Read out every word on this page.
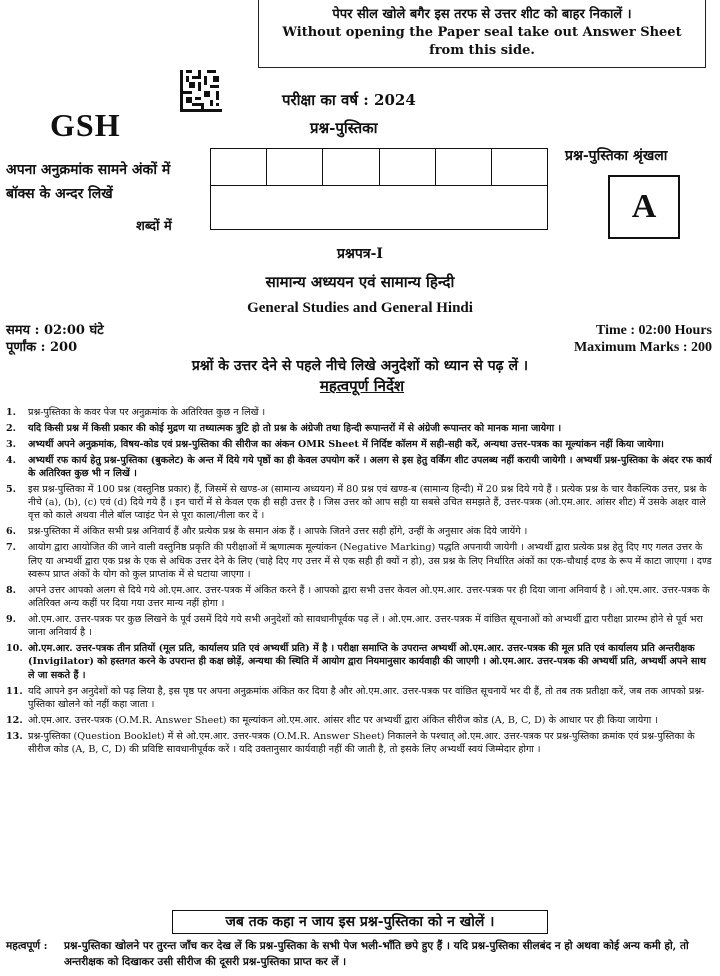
पेपर सील खोले बगैर इस तरफ से उत्तर शीट को बाहर निकालें ।
Without opening the Paper seal take out Answer Sheet
from this side.
GSH
परीक्षा का वर्ष : 2024
प्रश्न-पुस्तिका
प्रश्न-पुस्तिका श्रृंखला
A
अपना अनुक्रमांक सामने अंकों में
बॉक्स के अन्दर लिखें
शब्दों में
प्रश्नपत्र-I
सामान्य अध्ययन एवं सामान्य हिन्दी
General Studies and General Hindi
समय : 02:00 घंटे
पूर्णांक : 200
Time : 02:00 Hours
Maximum Marks : 200
प्रश्नों के उत्तर देने से पहले नीचे लिखे अनुदेशों को ध्यान से पढ़ लें ।
महत्वपूर्ण निर्देश
1.	प्रश्न-पुस्तिका के कवर पेज पर अनुक्रमांक के अतिरिक्त कुछ न लिखें ।
2.	यदि किसी प्रश्न में किसी प्रकार की कोई मुद्रण या तथ्यात्मक त्रुटि हो तो प्रश्न के अंग्रेजी तथा हिन्दी रूपान्तरों में से अंग्रेजी रूपान्तर को मानक माना जायेगा ।
3.	अभ्यर्थी अपने अनुक्रमांक, विषय-कोड एवं प्रश्न-पुस्तिका की सीरीज का अंकन OMR Sheet में निर्दिष्ट कॉलम में सही-सही करें, अन्यथा उत्तर-पत्रक का मूल्यांकन नहीं किया जायेगा।
4.	अभ्यर्थी रफ कार्य हेतु प्रश्न-पुस्तिका (बुकलेट) के अन्त में दिये गये पृष्ठों का ही केवल उपयोग करें । अलग से इस हेतु वर्किंग शीट उपलब्ध नहीं करायी जायेगी । अभ्यर्थी प्रश्न-पुस्तिका के अंदर रफ कार्य के अतिरिक्त कुछ भी न लिखें ।
5.	इस प्रश्न-पुस्तिका में 100 प्रश्न (वस्तुनिष्ठ प्रकार) हैं, जिसमें से खण्ड-अ (सामान्य अध्ययन) में 80 प्रश्न एवं खण्ड-ब (सामान्य हिन्दी) में 20 प्रश्न दिये गये हैं । प्रत्येक प्रश्न के चार वैकल्पिक उत्तर, प्रश्न के नीचे (a), (b), (c) एवं (d) दिये गये हैं । इन चारों में से केवल एक ही सही उत्तर है । जिस उत्तर को आप सही या सबसे उचित समझते हैं, उत्तर-पत्रक (ओ.एम.आर. आंसर शीट) में उसके अक्षर वाले वृत्त को काले अथवा नीले बॉल प्वाइंट पेन से पूरा काला/नीला कर दें ।
6.	प्रश्न-पुस्तिका में अंकित सभी प्रश्न अनिवार्य हैं और प्रत्येक प्रश्न के समान अंक हैं । आपके जितने उत्तर सही होंगे, उन्हीं के अनुसार अंक दिये जायेंगे ।
7.	आयोग द्वारा आयोजित की जाने वाली वस्तुनिष्ठ प्रकृति की परीक्षाओं में ऋणात्मक मूल्यांकन (Negative Marking) पद्धति अपनायी जायेगी । अभ्यर्थी द्वारा प्रत्येक प्रश्न हेतु दिए गए गलत उत्तर के लिए या अभ्यर्थी द्वारा एक प्रश्न के एक से अधिक उत्तर देने के लिए (चाहे दिए गए उत्तर में से एक सही ही क्यों न हो), उस प्रश्न के लिए निर्धारित अंकों का एक-चौथाई दण्ड के रूप में काटा जाएगा । दण्ड स्वरूप प्राप्त अंकों के योग को कुल प्राप्तांक में से घटाया जाएगा ।
8.	अपने उत्तर आपको अलग से दिये गये ओ.एम.आर. उत्तर-पत्रक में अंकित करने हैं । आपको द्वारा सभी उत्तर केवल ओ.एम.आर. उत्तर-पत्रक पर ही दिया जाना अनिवार्य है । ओ.एम.आर. उत्तर-पत्रक के अतिरिक्त अन्य कहीं पर दिया गया उत्तर मान्य नहीं होगा ।
9.	ओ.एम.आर. उत्तर-पत्रक पर कुछ लिखने के पूर्व उसमें दिये गये सभी अनुदेशों को सावधानीपूर्वक पढ़ लें । ओ.एम.आर. उत्तर-पत्रक में वांछित सूचनाओं को अभ्यर्थी द्वारा परीक्षा प्रारम्भ होने से पूर्व भरा जाना अनिवार्य है ।
10. ओ.एम.आर. उत्तर-पत्रक तीन प्रतियों (मूल प्रति, कार्यालय प्रति एवं अभ्यर्थी प्रति) में है । परीक्षा समाप्ति के उपरान्त अभ्यर्थी ओ.एम.आर. उत्तर-पत्रक की मूल प्रति एवं कार्यालय प्रति अन्तरीक्षक (Invigilator) को हस्तगत करने के उपरान्त ही कक्ष छोड़ें, अन्यथा की स्थिति में आयोग द्वारा नियमानुसार कार्यवाही की जाएगी । ओ.एम.आर. उत्तर-पत्रक की अभ्यर्थी प्रति, अभ्यर्थी अपने साथ ले जा सकते हैं ।
11. यदि आपने इन अनुदेशों को पढ़ लिया है, इस पृष्ठ पर अपना अनुक्रमांक अंकित कर दिया है और ओ.एम.आर. उत्तर-पत्रक पर वांछित सूचनायें भर दी हैं, तो तब तक प्रतीक्षा करें, जब तक आपको प्रश्न-पुस्तिका खोलने को नहीं कहा जाता ।
12. ओ.एम.आर. उत्तर-पत्रक (O.M.R. Answer Sheet) का मूल्यांकन ओ.एम.आर. आंसर शीट पर अभ्यर्थी द्वारा अंकित सीरीज कोड (A, B, C, D) के आधार पर ही किया जायेगा ।
13. प्रश्न-पुस्तिका (Question Booklet) में से ओ.एम.आर. उत्तर-पत्रक (O.M.R. Answer Sheet) निकालने के पश्चात् ओ.एम.आर. उत्तर-पत्रक पर प्रश्न-पुस्तिका क्रमांक एवं प्रश्न-पुस्तिका के सीरीज कोड (A, B, C, D) की प्रविष्टि सावधानीपूर्वक करें । यदि उक्तानुसार कार्यवाही नहीं की जाती है, तो इसके लिए अभ्यर्थी स्वयं जिम्मेदार होगा ।
जब तक कहा न जाय इस प्रश्न-पुस्तिका को न खोलें ।
महत्वपूर्ण :	प्रश्न-पुस्तिका खोलने पर तुरन्त जाँच कर देख लें कि प्रश्न-पुस्तिका के सभी पेज भली-भाँति छपे हुए हैं । यदि प्रश्न-पुस्तिका सीलबंद न हो अथवा कोई अन्य कमी हो, तो अन्तरीक्षक को दिखाकर उसी सीरीज की दूसरी प्रश्न-पुस्तिका प्राप्त कर लें ।
